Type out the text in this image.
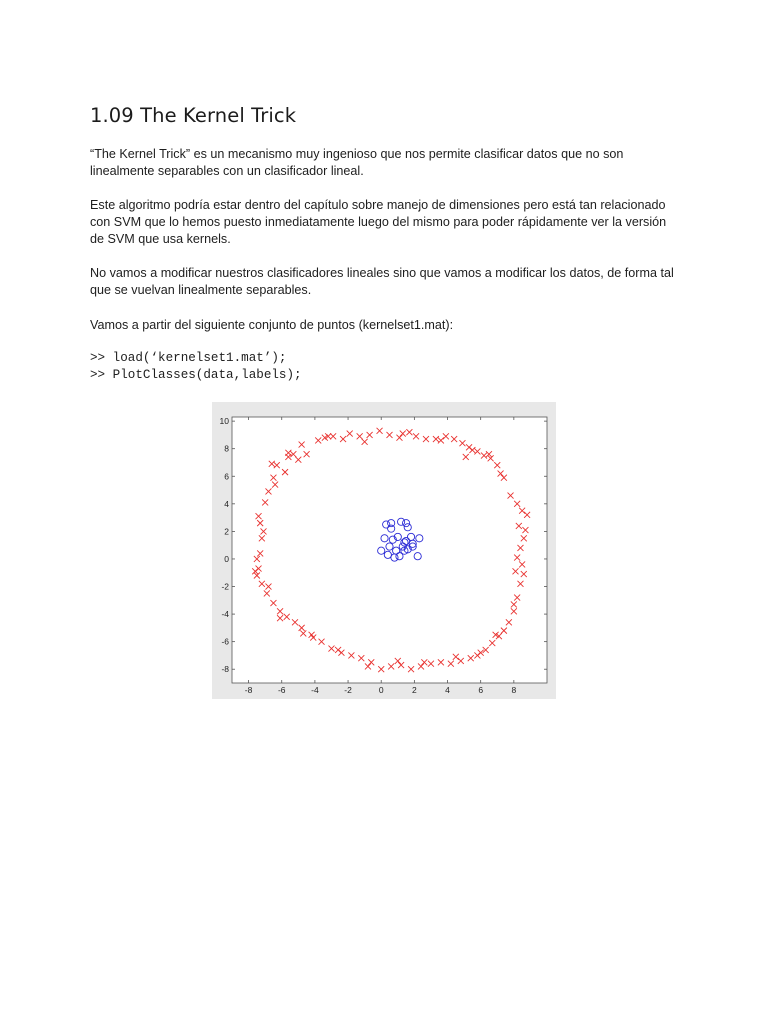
1.09 The Kernel Trick

“The Kernel Trick” es un mecanismo muy ingenioso que nos permite clasificar datos que no son
linealmente separables con un clasificador lineal.

Este algoritmo podría estar dentro del capítulo sobre manejo de dimensiones pero está tan relacionado
con SVM que lo hemos puesto inmediatamente luego del mismo para poder rápidamente ver la versión
de SVM que usa kernels.

No vamos a modificar nuestros clasificadores lineales sino que vamos a modificar los datos, de forma tal
que se vuelvan linealmente separables.

Vamos a partir del siguiente conjunto de puntos (kernelset1.mat):

>> load(‘kernelset1.mat’);
>> PlotClasses(data,labels);
-8	-6	-4	-2	0	2	4	6	8
-8
-6
-4
-2
0
2
4
6
8
10
